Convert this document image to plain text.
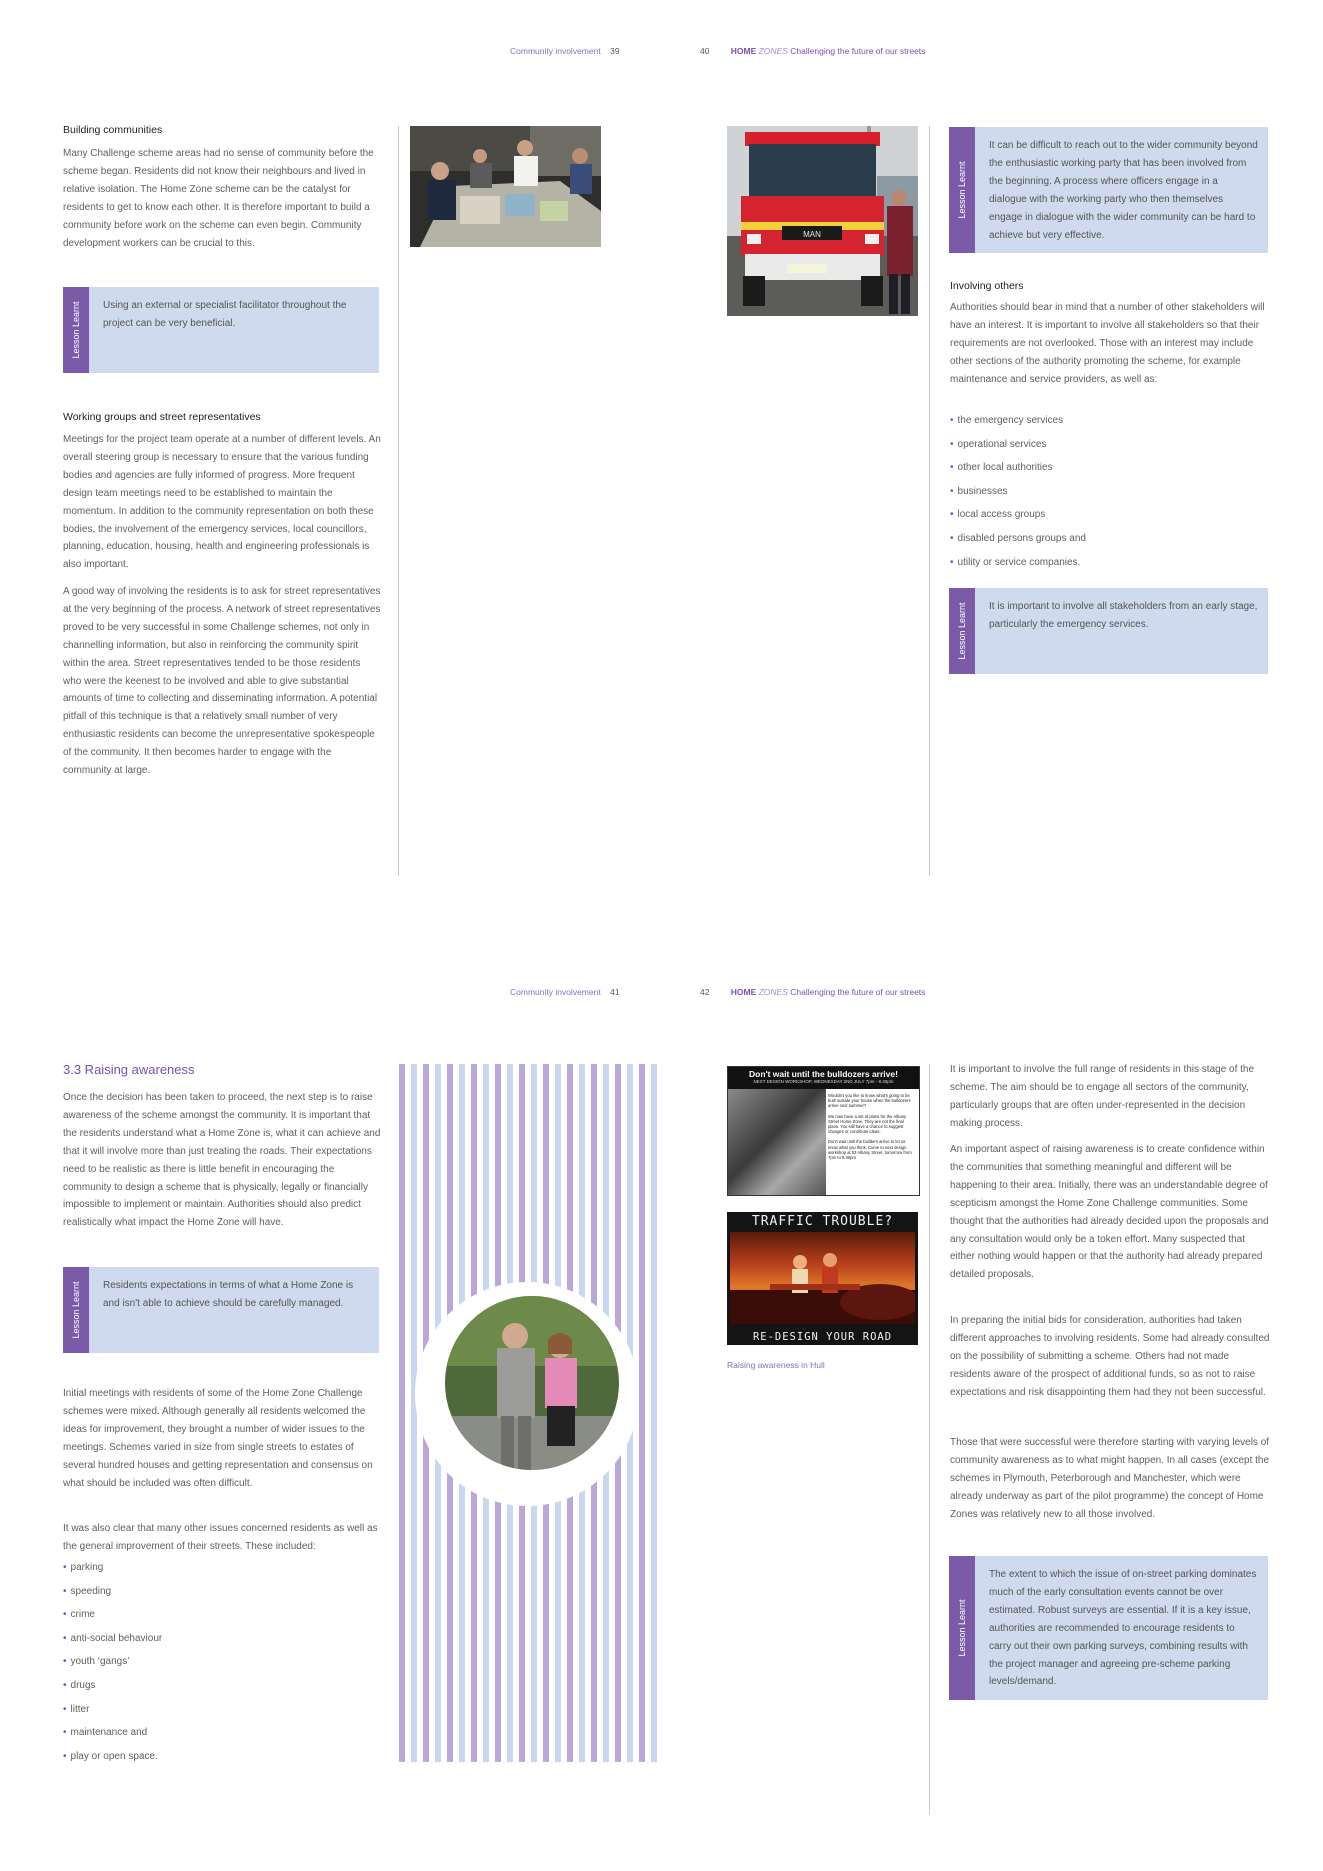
Community involvement 39	40	HOME ZONES Challenging the future of our streets
Community involvement 41	42	HOME ZONES Challenging the future of our streets
Building communities

Many Challenge scheme areas had no sense of community before the scheme began. Residents did not know their neighbours and lived in relative isolation. The Home Zone scheme can be the catalyst for residents to get to know each other. It is therefore important to build a community before work on the scheme can even begin. Community development workers can be crucial to this.

Lesson Learnt Using an external or specialist facilitator throughout the project can be very beneficial.

Working groups and street representatives

Meetings for the project team operate at a number of different levels. An overall steering group is necessary to ensure that the various funding bodies and agencies are fully informed of progress. More frequent design team meetings need to be established to maintain the momentum. In addition to the community representation on both these bodies, the involvement of the emergency services, local councillors, planning, education, housing, health and engineering professionals is also important.

A good way of involving the residents is to ask for street representatives at the very beginning of the process. A network of street representatives proved to be very successful in some Challenge schemes, not only in channelling information, but also in reinforcing the community spirit within the area. Street representatives tended to be those residents who were the keenest to be involved and able to give substantial amounts of time to collecting and disseminating information. A potential pitfall of this technique is that a relatively small number of very enthusiastic residents can become the unrepresentative spokespeople of the community. It then becomes harder to engage with the community at large.

MAN
Lesson Learnt

It can be difficult to reach out to the wider community beyond the enthusiastic working party that has been involved from the beginning. A process where officers engage in a dialogue with the working party who then themselves engage in dialogue with the wider community can be hard to achieve but very effective.

Involving others

Authorities should bear in mind that a number of other stakeholders will have an interest. It is important to involve all stakeholders so that their requirements are not overlooked. Those with an interest may include other sections of the authority promoting the scheme, for example maintenance and service providers, as well as:

• the emergency services
• operational services
• other local authorities
• businesses
• local access groups
• disabled persons groups and
• utility or service companies.
Lesson Learnt It is important to involve all stakeholders from an early stage, particularly the emergency services.

3.3 Raising awareness

Once the decision has been taken to proceed, the next step is to raise awareness of the scheme amongst the community. It is important that the residents understand what a Home Zone is, what it can achieve and that it will involve more than just treating the roads. Their expectations need to be realistic as there is little benefit in encouraging the community to design a scheme that is physically, legally or financially impossible to implement or maintain. Authorities should also predict realistically what impact the Home Zone will have.

Lesson Learnt Residents expectations in terms of what a Home Zone is and isn't able to achieve should be carefully managed.

Initial meetings with residents of some of the Home Zone Challenge schemes were mixed. Although generally all residents welcomed the ideas for improvement, they brought a number of wider issues to the meetings. Schemes varied in size from single streets to estates of several hundred houses and getting representation and consensus on what should be included was often difficult.

It was also clear that many other issues concerned residents as well as the general improvement of their streets. These included:

• parking
• speeding
• crime
• anti-social behaviour
• youth ‘gangs’
• drugs
• litter
• maintenance and
• play or open space.
Don't wait until the bulldozers arrive!
NEXT DESIGN WORKSHOP, WEDNESDAY 2ND JULY 7pm - 8.30pm
Wouldn't you like to know what's going to be built outside your house when the bulldozers arrive next summer?
We now have a set of plans for the Albany Street Home Zone. They are not the final plans. You still have a chance to suggest changes or contribute ideas.
Don't wait until the builders arrive to let us know what you think. Come to next design workshop at 53 Albany Street, tomorrow from 7pm to 8.30pm
TRAFFIC TROUBLE?
RE-DESIGN YOUR ROAD
Raising awareness in Hull

It is important to involve the full range of residents in this stage of the scheme. The aim should be to engage all sectors of the community, particularly groups that are often under-represented in the decision making process.

An important aspect of raising awareness is to create confidence within the communities that something meaningful and different will be happening to their area. Initially, there was an understandable degree of scepticism amongst the Home Zone Challenge communities. Some thought that the authorities had already decided upon the proposals and any consultation would only be a token effort. Many suspected that either nothing would happen or that the authority had already prepared detailed proposals.

In preparing the initial bids for consideration, authorities had taken different approaches to involving residents. Some had already consulted on the possibility of submitting a scheme. Others had not made residents aware of the prospect of additional funds, so as not to raise expectations and risk disappointing them had they not been successful.

Those that were successful were therefore starting with varying levels of community awareness as to what might happen. In all cases (except the schemes in Plymouth, Peterborough and Manchester, which were already underway as part of the pilot programme) the concept of Home Zones was relatively new to all those involved.

Lesson Learnt

The extent to which the issue of on-street parking dominates much of the early consultation events cannot be over estimated. Robust surveys are essential. If it is a key issue, authorities are recommended to encourage residents to carry out their own parking surveys, combining results with the project manager and agreeing pre-scheme parking levels/demand.
